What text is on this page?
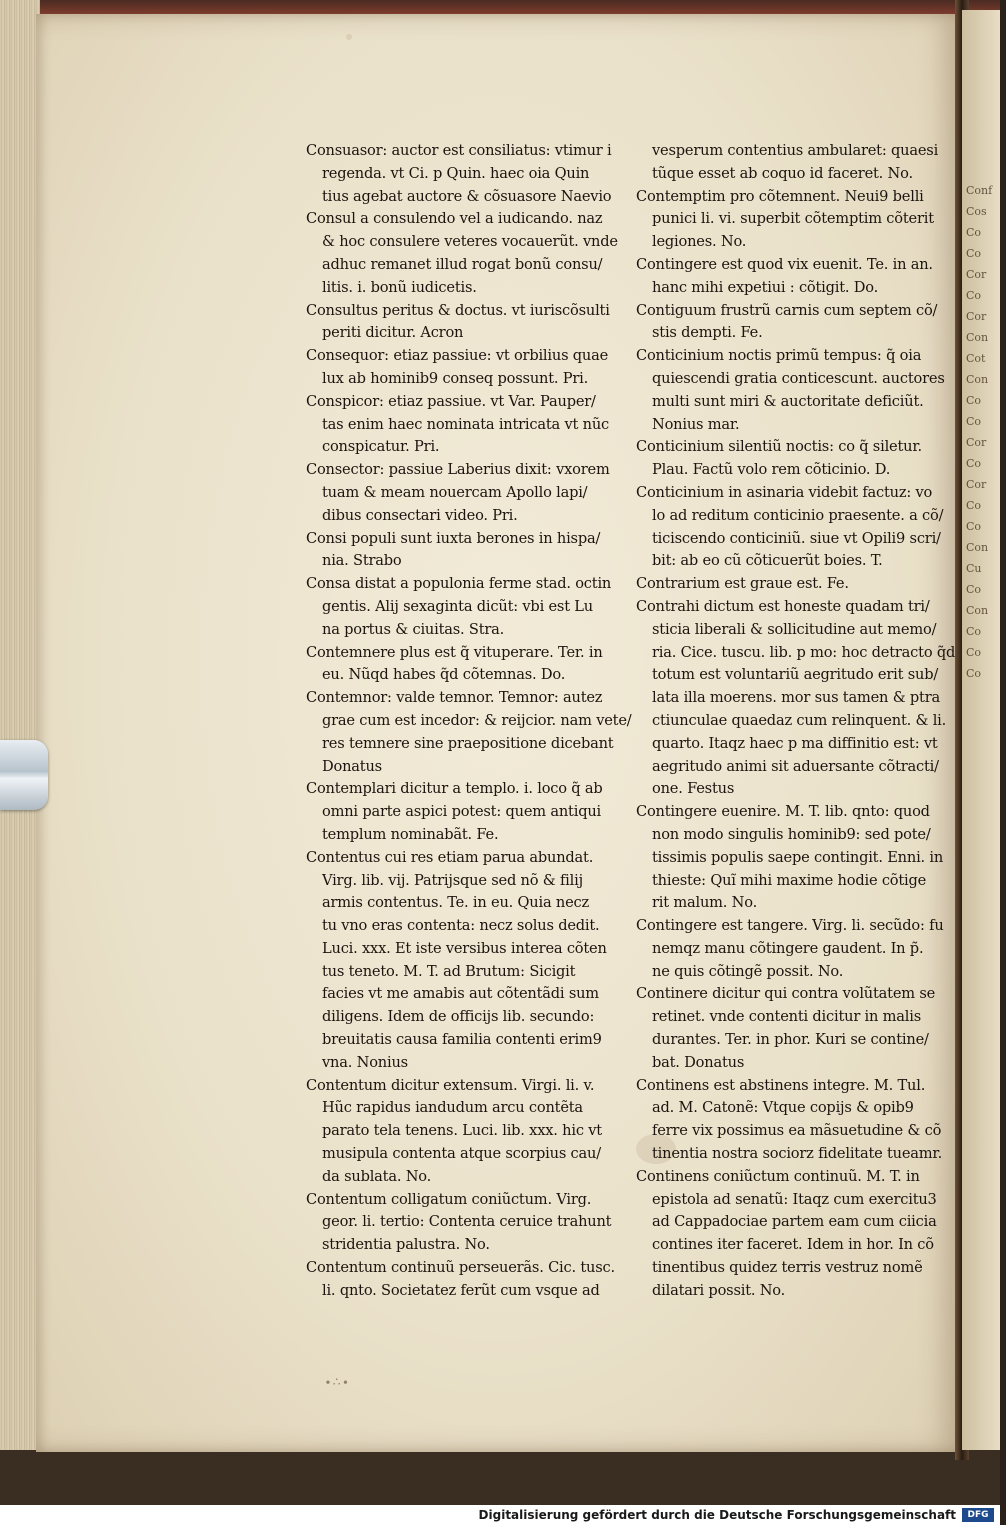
Conf
Cos
Co
Co
Cor
Co
Cor
Con
Cot
Con
Co
Co
Cor
Co
Cor
Co
Co
Con
Cu
Co
Con
Co
Co
Co
Consuasor: auctor est consiliatus: vtimur i
regenda. vt Ci. p Quin. haec oia Quin
tius agebat auctore & cõsuasore Naevio
Consul a consulendo vel a iudicando. naz
& hoc consulere veteres vocauerũt. vnde
adhuc remanet illud rogat bonũ consu/
litis. i. bonũ iudicetis.
Consultus peritus & doctus. vt iuriscõsulti
periti dicitur. Acron
Consequor: etiaz passiue: vt orbilius quae
lux ab hominib9 conseq possunt. Pri.
Conspicor: etiaz passiue. vt Var. Pauper/
tas enim haec nominata intricata vt nũc
conspicatur. Pri.
Consector: passiue Laberius dixit: vxorem
tuam & meam nouercam Apollo lapi/
dibus consectari video. Pri.
Consi populi sunt iuxta berones in hispa/
nia. Strabo
Consa distat a populonia ferme stad. octin
gentis. Alij sexaginta dicũt: vbi est Lu
na portus & ciuitas. Stra.
Contemnere plus est q̃ vituperare. Ter. in
eu. Nũqd habes q̃d cõtemnas. Do.
Contemnor: valde temnor. Temnor: autez
grae cum est incedor: & reijcior. nam vete/
res temnere sine praepositione dicebant
Donatus
Contemplari dicitur a templo. i. loco q̃ ab
omni parte aspici potest: quem antiqui
templum nominabãt. Fe.
Contentus cui res etiam parua abundat.
Virg. lib. vij. Patrijsque sed nõ & filij
armis contentus. Te. in eu. Quia necz
tu vno eras contenta: necz solus dedit.
Luci. xxx. Et iste versibus interea cõten
tus teneto. M. T. ad Brutum: Sicigit
facies vt me amabis aut cõtentãdi sum
diligens. Idem de officijs lib. secundo:
breuitatis causa familia contenti erim9
vna. Nonius
Contentum dicitur extensum. Virgi. li. v.
Hũc rapidus iandudum arcu contẽta
parato tela tenens. Luci. lib. xxx. hic vt
musipula contenta atque scorpius cau/
da sublata. No.
Contentum colligatum coniũctum. Virg.
geor. li. tertio: Contenta ceruice trahunt
stridentia palustra. No.
Contentum continuũ perseuerãs. Cic. tusc.
li. qnto. Societatez ferũt cum vsque ad
vesperum contentius ambularet: quaesi
tũque esset ab coquo id faceret. No.
Contemptim pro cõtemnent. Neui9 belli
punici li. vi. superbit cõtemptim cõterit
legiones. No.
Contingere est quod vix euenit. Te. in an.
hanc mihi expetiui : cõtigit. Do.
Contiguum frustrũ carnis cum septem cõ/
stis dempti. Fe.
Conticinium noctis primũ tempus: q̃ oia
quiescendi gratia conticescunt. auctores
multi sunt miri & auctoritate deficiũt.
Nonius mar.
Conticinium silentiũ noctis: co q̃ siletur.
Plau. Factũ volo rem cõticinio. D.
Conticinium in asinaria videbit factuz: vo
lo ad reditum conticinio praesente. a cõ/
ticiscendo conticiniũ. siue vt Opili9 scri/
bit: ab eo cũ cõticuerũt boies. T.
Contrarium est graue est. Fe.
Contrahi dictum est honeste quadam tri/
sticia liberali & sollicitudine aut memo/
ria. Cice. tuscu. lib. p mo: hoc detracto q̃d
totum est voluntariũ aegritudo erit sub/
lata illa moerens. mor sus tamen & ptra
ctiunculae quaedaz cum relinquent. & li.
quarto. Itaqz haec p ma diffinitio est: vt
aegritudo animi sit aduersante cõtracti/
one. Festus
Contingere euenire. M. T. lib. qnto: quod
non modo singulis hominib9: sed pote/
tissimis populis saepe contingit. Enni. in
thieste: Quĩ mihi maxime hodie cõtige
rit malum. No.
Contingere est tangere. Virg. li. secũdo: fu
nemqz manu cõtingere gaudent. In p̃.
ne quis cõtingẽ possit. No.
Continere dicitur qui contra volũtatem se
retinet. vnde contenti dicitur in malis
durantes. Ter. in phor. Kuri se contine/
bat. Donatus
Continens est abstinens integre. M. Tul.
ad. M. Catonẽ: Vtque copijs & opib9
ferre vix possimus ea mãsuetudine & cõ
tinentia nostra sociorz fidelitate tueamr.
Continens coniũctum continuũ. M. T. in
epistola ad senatũ: Itaqz cum exercitu3
ad Cappadociae partem eam cum ciicia
contines iter faceret. Idem in hor. In cõ
tinentibus quidez terris vestruz nomẽ
dilatari possit. No.
∙∴∙
Digitalisierung gefördert durch die Deutsche Forschungsgemeinschaft	DFG
